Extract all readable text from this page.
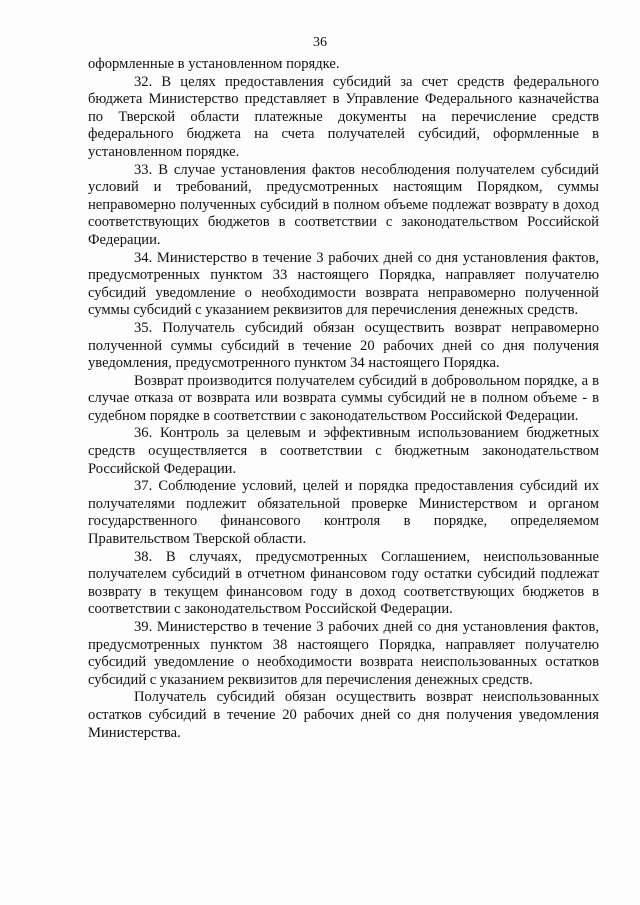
36

оформленные в установленном порядке.

32. В целях предоставления субсидий за счет средств федерального бюджета Министерство представляет в Управление Федерального казначейства по Тверской области платежные документы на перечисление средств федерального бюджета на счета получателей субсидий, оформленные в установленном порядке.

33. В случае установления фактов несоблюдения получателем субсидий условий и требований, предусмотренных настоящим Порядком, суммы неправомерно полученных субсидий в полном объеме подлежат возврату в доход соответствующих бюджетов в соответствии с законодательством Российской Федерации.

34. Министерство в течение 3 рабочих дней со дня установления фактов, предусмотренных пунктом 33 настоящего Порядка, направляет получателю субсидий уведомление о необходимости возврата неправомерно полученной суммы субсидий с указанием реквизитов для перечисления денежных средств.

35. Получатель субсидий обязан осуществить возврат неправомерно полученной суммы субсидий в течение 20 рабочих дней со дня получения уведомления, предусмотренного пунктом 34 настоящего Порядка.

Возврат производится получателем субсидий в добровольном порядке, а в случае отказа от возврата или возврата суммы субсидий не в полном объеме - в судебном порядке в соответствии с законодательством Российской Федерации.

36. Контроль за целевым и эффективным использованием бюджетных средств осуществляется в соответствии с бюджетным законодательством Российской Федерации.

37. Соблюдение условий, целей и порядка предоставления субсидий их получателями подлежит обязательной проверке Министерством и органом государственного финансового контроля в порядке, определяемом Правительством Тверской области.

38. В случаях, предусмотренных Соглашением, неиспользованные получателем субсидий в отчетном финансовом году остатки субсидий подлежат возврату в текущем финансовом году в доход соответствующих бюджетов в соответствии с законодательством Российской Федерации.

39. Министерство в течение 3 рабочих дней со дня установления фактов, предусмотренных пунктом 38 настоящего Порядка, направляет получателю субсидий уведомление о необходимости возврата неиспользованных остатков субсидий с указанием реквизитов для перечисления денежных средств.

Получатель субсидий обязан осуществить возврат неиспользованных остатков субсидий в течение 20 рабочих дней со дня получения уведомления Министерства.
